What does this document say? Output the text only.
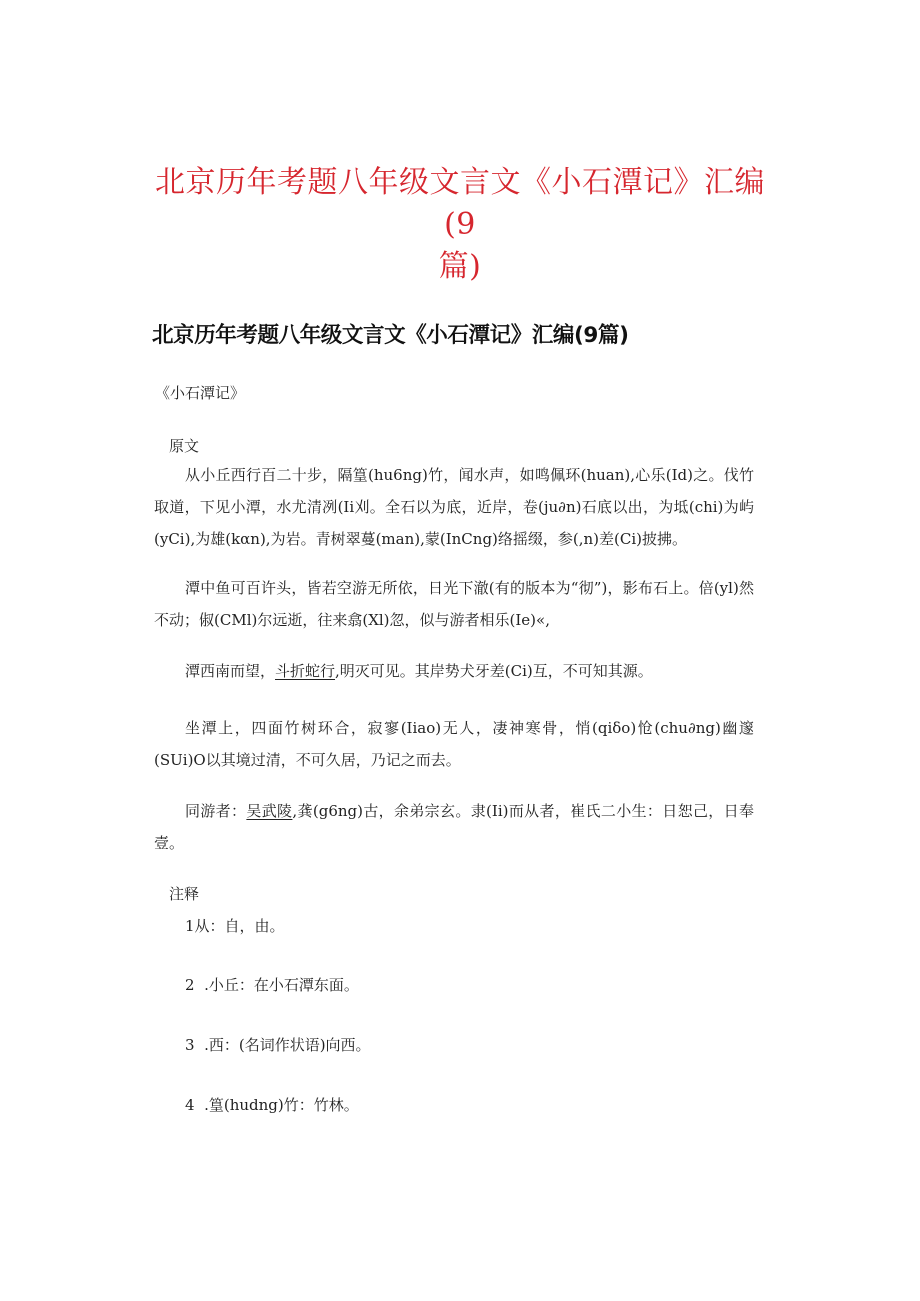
北京历年考题八年级文言文《小石潭记》汇编(9
篇)
北京历年考题八年级文言文《小石潭记》汇编(9篇)
《小石潭记》
原文
从小丘西行百二十步，隔篁(hu6ng)竹，闻水声，如鸣佩环(huan),心乐(Id)之。伐竹取道，下见小潭，水尤清冽(Ii刈。全石以为底，近岸，卷(ju∂n)石底以出，为坻(chi)为屿(yCi),为雄(kαn),为岩。青树翠蔓(man),蒙(InCng)络摇缀，参(,n)差(Ci)披拂。
潭中鱼可百许头，皆若空游无所依，日光下澈(有的版本为“彻”)，影布石上。倍(yl)然不动；俶(CMl)尔远逝，往来翕(Xl)忽，似与游者相乐(Ie)«,
潭西南而望，斗折蛇行,明灭可见。其岸势犬牙差(Ci)互，不可知其源。
坐潭上，四面竹树环合，寂寥(Iiao)无人，凄神寒骨，悄(qiδo)怆(chu∂ng)幽邃(SUi)O以其境过清，不可久居，乃记之而去。
同游者：吴武陵,龚(g6ng)古，余弟宗玄。隶(Ii)而从者，崔氏二小生：日恕己，日奉壹。
注释
1从：自，由。
2  .小丘：在小石潭东面。
3  .西：(名词作状语)向西。
4  .篁(hudng)竹：竹林。
